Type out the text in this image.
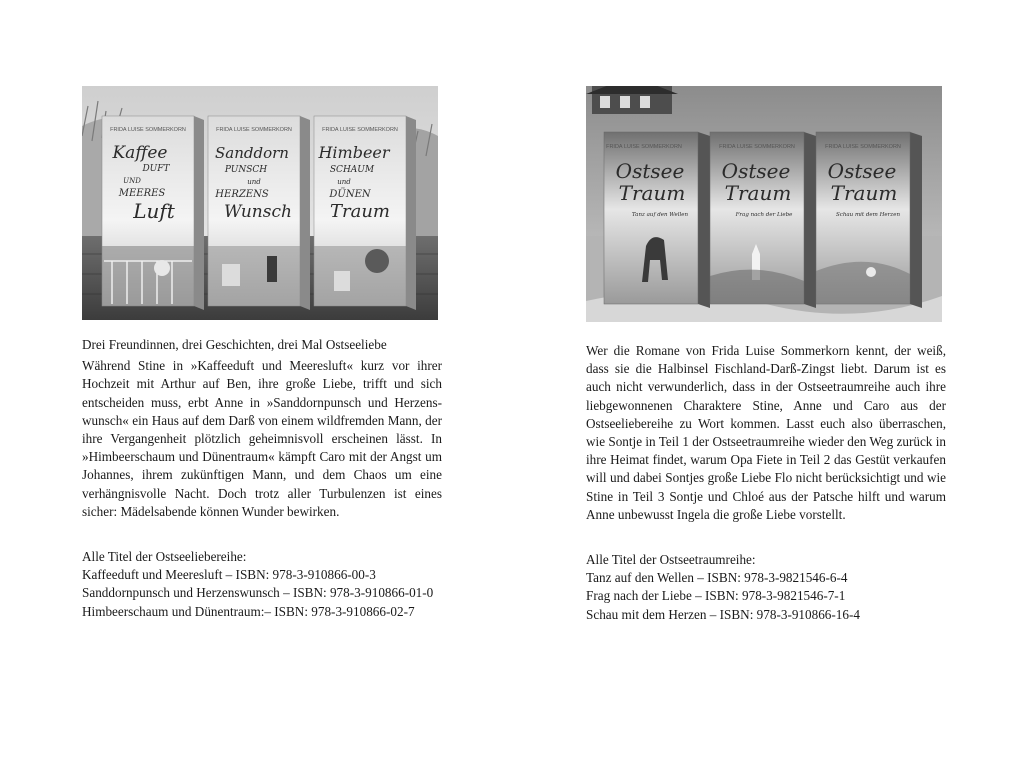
FRIDA LUISE SOMMERKORN
Kaffee
DUFT
UND
MEERES
Luft
FRIDA LUISE SOMMERKORN
Sanddorn
PUNSCH
und
HERZENS
Wunsch
FRIDA LUISE SOMMERKORN
Himbeer
SCHAUM
und
DÜNEN
Traum

Drei Freundinnen, drei Geschichten, drei Mal Ostseeliebe

Während Stine in »Kaffeeduft und Meeresluft« kurz vor ihrer Hochzeit mit Arthur auf Ben, ihre große Liebe, trifft und sich entscheiden muss, erbt Anne in »Sanddornpunsch und Herzenswunsch« ein Haus auf dem Darß von einem wildfremden Mann, der ihre Vergangenheit plötzlich geheimnisvoll erscheinen lässt. In »Himbeerschaum und Dünentraum« kämpft Caro mit der Angst um Johannes, ihrem zukünftigen Mann, und dem Chaos um eine verhängnisvolle Nacht. Doch trotz aller Turbulenzen ist eines sicher: Mädelsabende können Wunder bewirken.

Alle Titel der Ostseeliebereihe:

Kaffeeduft und Meeresluft – ISBN: 978-3-910866-00-3

Sanddornpunsch und Herzenswunsch – ISBN: 978-3-910866-01-0

Himbeerschaum und Dünentraum:– ISBN: 978-3-910866-02-7

FRIDA LUISE SOMMERKORN
Ostsee
Traum
Tanz auf den Wellen
FRIDA LUISE SOMMERKORN
Ostsee
Traum
Frag nach der Liebe
FRIDA LUISE SOMMERKORN
Ostsee
Traum
Schau mit dem Herzen

Wer die Romane von Frida Luise Sommerkorn kennt, der weiß, dass sie die Halbinsel Fischland-Darß-Zingst liebt. Darum ist es auch nicht verwunderlich, dass in der Ostseetraumreihe auch ihre liebgewonnenen Charaktere Stine, Anne und Caro aus der Ostseeliebereihe zu Wort kommen. Lasst euch also überraschen, wie Sontje in Teil 1 der Ostseetraumreihe wieder den Weg zurück in ihre Heimat findet, warum Opa Fiete in Teil 2 das Gestüt verkaufen will und dabei Sontjes große Liebe Flo nicht berücksichtigt und wie Stine in Teil 3 Sontje und Chloé aus der Patsche hilft und warum Anne unbewusst Ingela die große Liebe vorstellt.

Alle Titel der Ostseetraumreihe:

Tanz auf den Wellen – ISBN: 978-3-9821546-6-4

Frag nach der Liebe – ISBN: 978-3-9821546-7-1

Schau mit dem Herzen – ISBN: 978-3-910866-16-4
